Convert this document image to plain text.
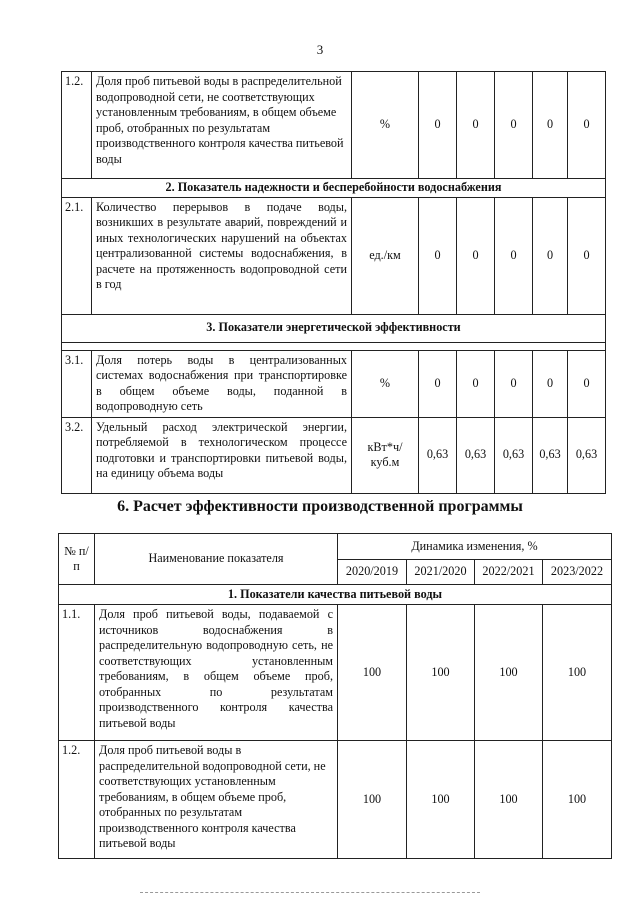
3
1.2.	Доля проб питьевой воды в распределительной водопроводной сети, не соответствующих установленным требованиям, в общем объеме проб, отобранных по результатам производственного контроля качества питьевой воды	%	0	0	0	0	0
2. Показатель надежности и бесперебойности водоснабжения							
2.1.	Количество перерывов в подаче воды, возникших в результате аварий, повреждений и иных технологических нарушений на объектах централизованной системы водоснабжения, в расчете на протяженность водопроводной сети в год	ед./км	0	0	0	0	0
3. Показатели энергетической эффективности							

3.1.	Доля потерь воды в централизованных системах водоснабжения при транспортировке в общем объеме воды, поданной в водопроводную сеть	%	0	0	0	0	0
3.2.	Удельный расход электрической энергии, потребляемой в технологическом процессе подготовки и транспортировки питьевой воды, на единицу объема воды	кВт*ч/ куб.м	0,63	0,63	0,63	0,63	0,63
6. Расчет эффективности производственной программы
№ п/п	Наименование показателя	Динамика изменения, %			
		2020/2019	2021/2020	2022/2021	2023/2022
1. Показатели качества питьевой воды					
1.1.	Доля проб питьевой воды, подаваемой с источников водоснабжения в распределительную водопроводную сеть, не соответствующих установленным требованиям, в общем объеме проб, отобранных по результатам производственного контроля качества питьевой воды	100	100	100	100
1.2.	Доля проб питьевой воды в распределительной водопроводной сети, не соответствующих установленным требованиям, в общем объеме проб, отобранных по результатам производственного контроля качества питьевой воды	100	100	100	100
